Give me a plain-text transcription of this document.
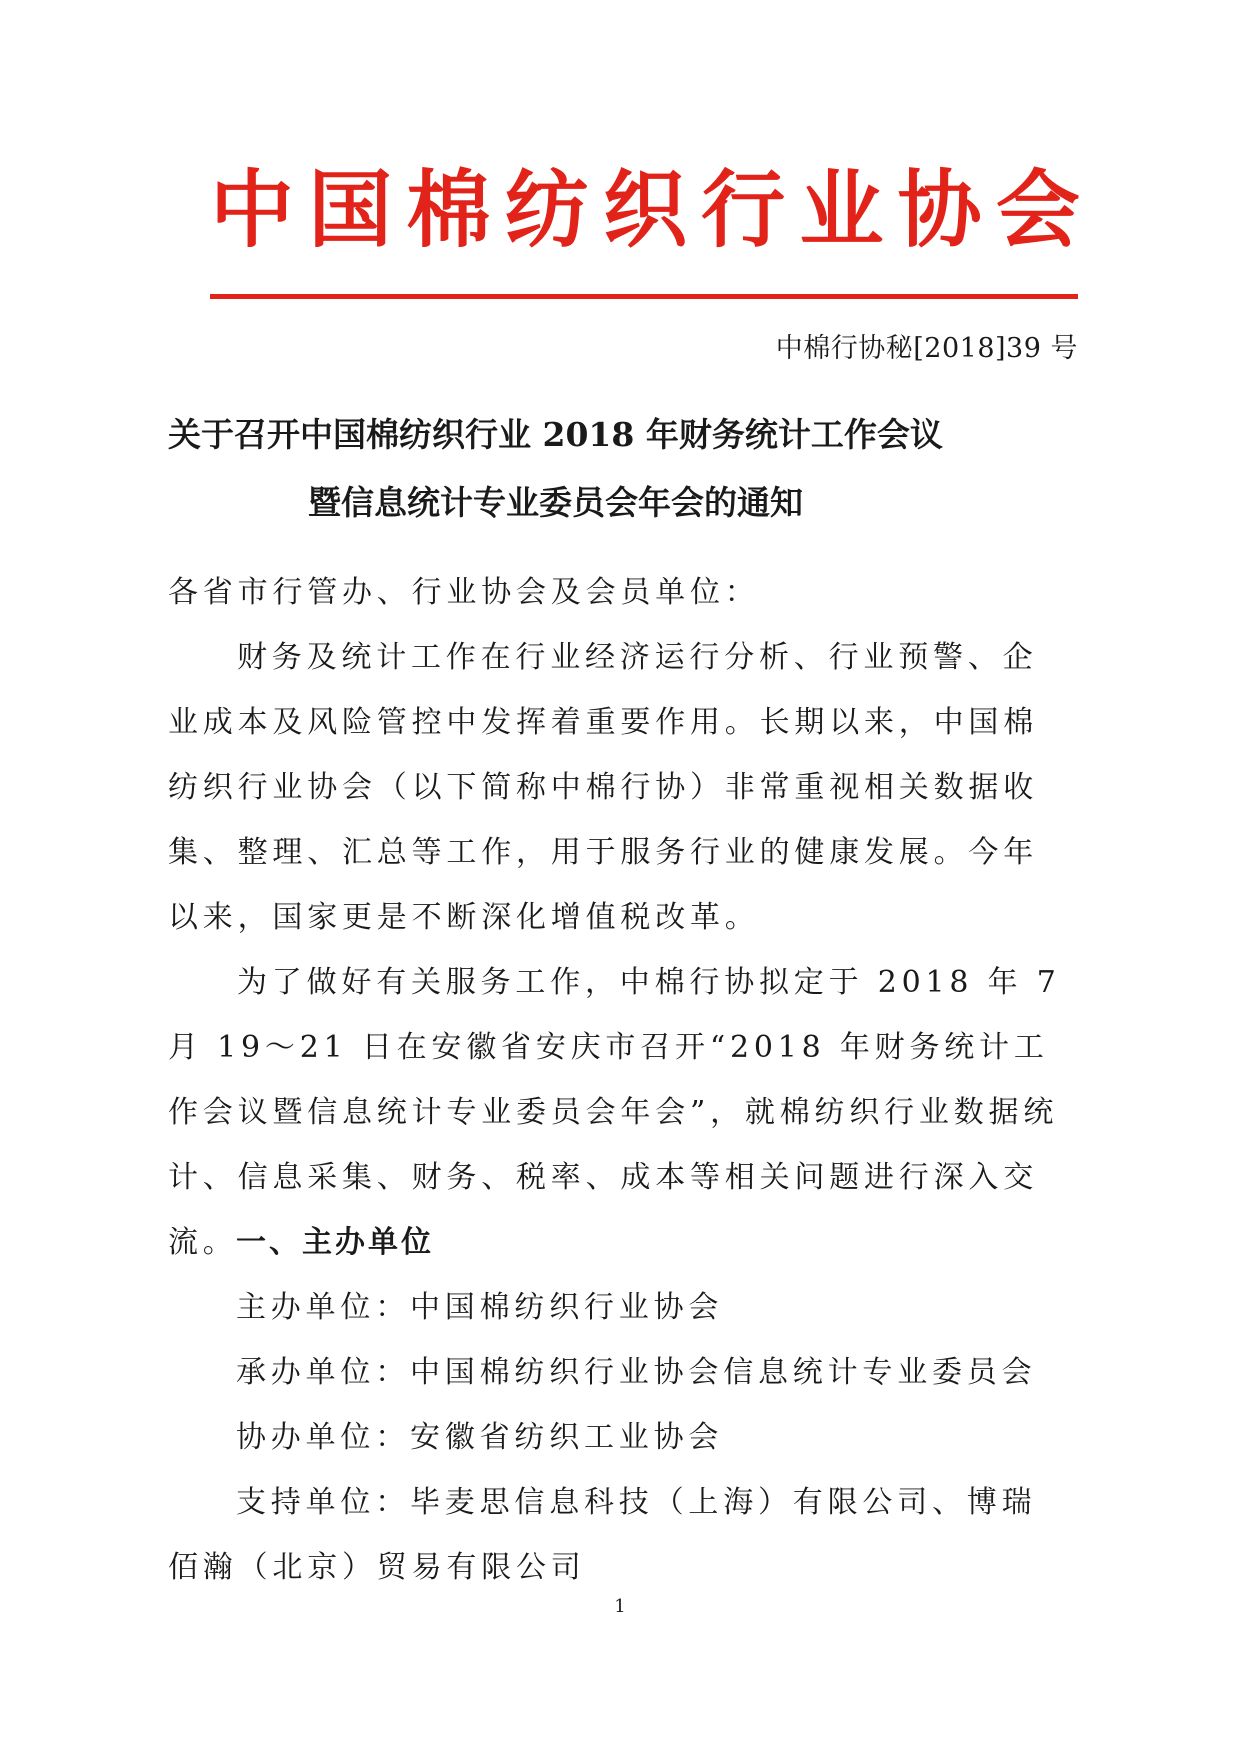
中 国 棉 纺 织 行 业 协 会
中棉行协秘[2018]39 号
关于召开中国棉纺织行业 2018 年财务统计工作会议
暨信息统计专业委员会年会的通知
各省市行管办、行业协会及会员单位：
财务及统计工作在行业经济运行分析、行业预警、企业成本及风险管控中发挥着重要作用。长期以来，中国棉纺织行业协会（以下简称中棉行协）非常重视相关数据收集、整理、汇总等工作，用于服务行业的健康发展。今年以来，国家更是不断深化增值税改革。
为了做好有关服务工作，中棉行协拟定于 2018 年 7 月 19～21 日在安徽省安庆市召开“2018 年财务统计工作会议暨信息统计专业委员会年会”，就棉纺织行业数据统计、信息采集、财务、税率、成本等相关问题进行深入交流。
一、主办单位
主办单位：中国棉纺织行业协会
承办单位：中国棉纺织行业协会信息统计专业委员会
协办单位：安徽省纺织工业协会
支持单位：毕麦思信息科技（上海）有限公司、博瑞佰瀚（北京）贸易有限公司
1
